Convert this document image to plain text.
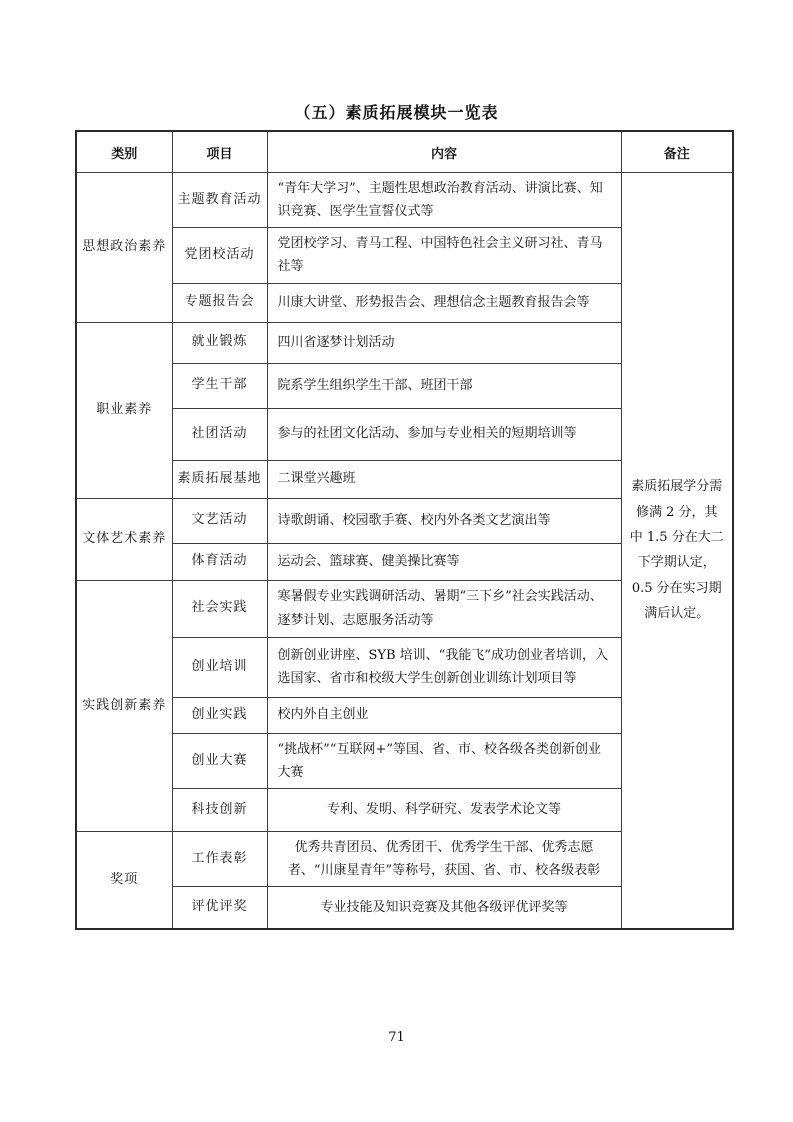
（五）素质拓展模块一览表
类别	项目	内容	备注
思想政治素养	主题教育活动	“青年大学习”、主题性思想政治教育活动、讲演比赛、知识竞赛、医学生宣誓仪式等	素质拓展学分需修满 2 分，其中 1.5 分在大二下学期认定，0.5 分在实习期满后认定。
	党团校活动	党团校学习、青马工程、中国特色社会主义研习社、青马社等	
	专题报告会	川康大讲堂、形势报告会、理想信念主题教育报告会等	
职业素养	就业锻炼	四川省逐梦计划活动	
	学生干部	院系学生组织学生干部、班团干部	
	社团活动	参与的社团文化活动、参加与专业相关的短期培训等	
	素质拓展基地	二课堂兴趣班	
文体艺术素养	文艺活动	诗歌朗诵、校园歌手赛、校内外各类文艺演出等	
	体育活动	运动会、篮球赛、健美操比赛等	
实践创新素养	社会实践	寒暑假专业实践调研活动、暑期“三下乡”社会实践活动、逐梦计划、志愿服务活动等	
	创业培训	创新创业讲座、SYB 培训、“我能飞”成功创业者培训，入选国家、省市和校级大学生创新创业训练计划项目等	
	创业实践	校内外自主创业	
	创业大赛	“挑战杯”“互联网+”等国、省、市、校各级各类创新创业大赛	
	科技创新	专利、发明、科学研究、发表学术论文等	
奖项	工作表彰	优秀共青团员、优秀团干、优秀学生干部、优秀志愿者、“川康星青年”等称号，获国、省、市、校各级表彰	
	评优评奖	专业技能及知识竞赛及其他各级评优评奖等	
71
